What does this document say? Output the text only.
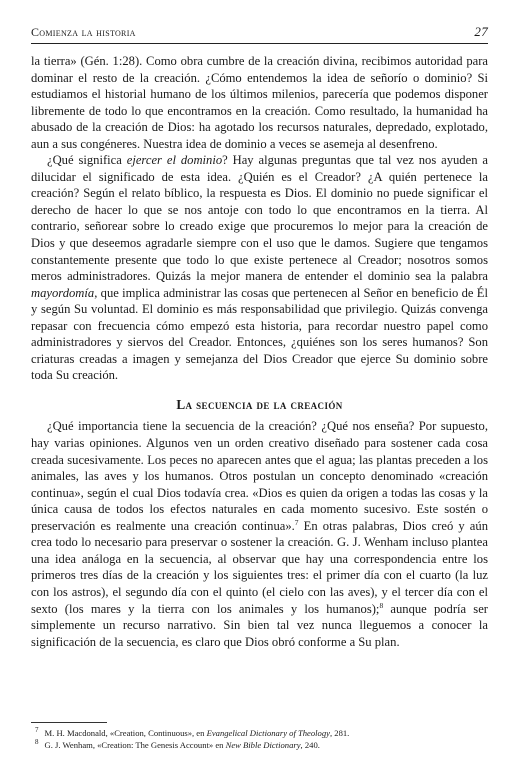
Comienza la historia	27

la tierra» (Gén. 1:28). Como obra cumbre de la creación divina, recibimos autoridad para dominar el resto de la creación. ¿Cómo entendemos la idea de señorío o dominio? Si estudiamos el historial humano de los últimos milenios, parecería que podemos disponer libremente de todo lo que encontramos en la creación. Como resultado, la humanidad ha abusado de la creación de Dios: ha agotado los recursos naturales, depredado, explotado, aun a sus congéneres. Nuestra idea de dominio a veces se asemeja al desenfreno.

¿Qué significa ejercer el dominio? Hay algunas preguntas que tal vez nos ayuden a dilucidar el significado de esta idea. ¿Quién es el Creador? ¿A quién pertenece la creación? Según el relato bíblico, la respuesta es Dios. El dominio no puede significar el derecho de hacer lo que se nos antoje con todo lo que encontramos en la tierra. Al contrario, señorear sobre lo creado exige que procuremos lo mejor para la creación de Dios y que deseemos agradarle siempre con el uso que le damos. Sugiere que tengamos constantemente presente que todo lo que existe pertenece al Creador; nosotros somos meros administradores. Quizás la mejor manera de entender el dominio sea la palabra mayordomía, que implica administrar las cosas que pertenecen al Señor en beneficio de Él y según Su voluntad. El dominio es más responsabilidad que privilegio. Quizás convenga repasar con frecuencia cómo empezó esta historia, para recordar nuestro papel como administradores y siervos del Creador. Entonces, ¿quiénes son los seres humanos? Son criaturas creadas a imagen y semejanza del Dios Creador que ejerce Su dominio sobre toda Su creación.

La secuencia de la creación

¿Qué importancia tiene la secuencia de la creación? ¿Qué nos enseña? Por supuesto, hay varias opiniones. Algunos ven un orden creativo diseñado para sostener cada cosa creada sucesivamente. Los peces no aparecen antes que el agua; las plantas preceden a los animales, las aves y los humanos. Otros postulan un concepto denominado «creación continua», según el cual Dios todavía crea. «Dios es quien da origen a todas las cosas y la única causa de todos los efectos naturales en cada momento sucesivo. Este sostén o preservación es realmente una creación continua».$^7$ En otras palabras, Dios creó y aún crea todo lo necesario para preservar o sostener la creación. G. J. Wenham incluso plantea una idea análoga en la secuencia, al observar que hay una correspondencia entre los primeros tres días de la creación y los siguientes tres: el primer día con el cuarto (la luz con los astros), el segundo día con el quinto (el cielo con las aves), y el tercer día con el sexto (los mares y la tierra con los animales y los humanos);$^8$ aunque podría ser simplemente un recurso narrativo. Sin bien tal vez nunca lleguemos a conocer la significación de la secuencia, es claro que Dios obró conforme a Su plan.

$^7$ M. H. Macdonald, «Creation, Continuous», en Evangelical Dictionary of Theology, 281.
$^8$ G. J. Wenham, «Creation: The Genesis Account» en New Bible Dictionary, 240.
